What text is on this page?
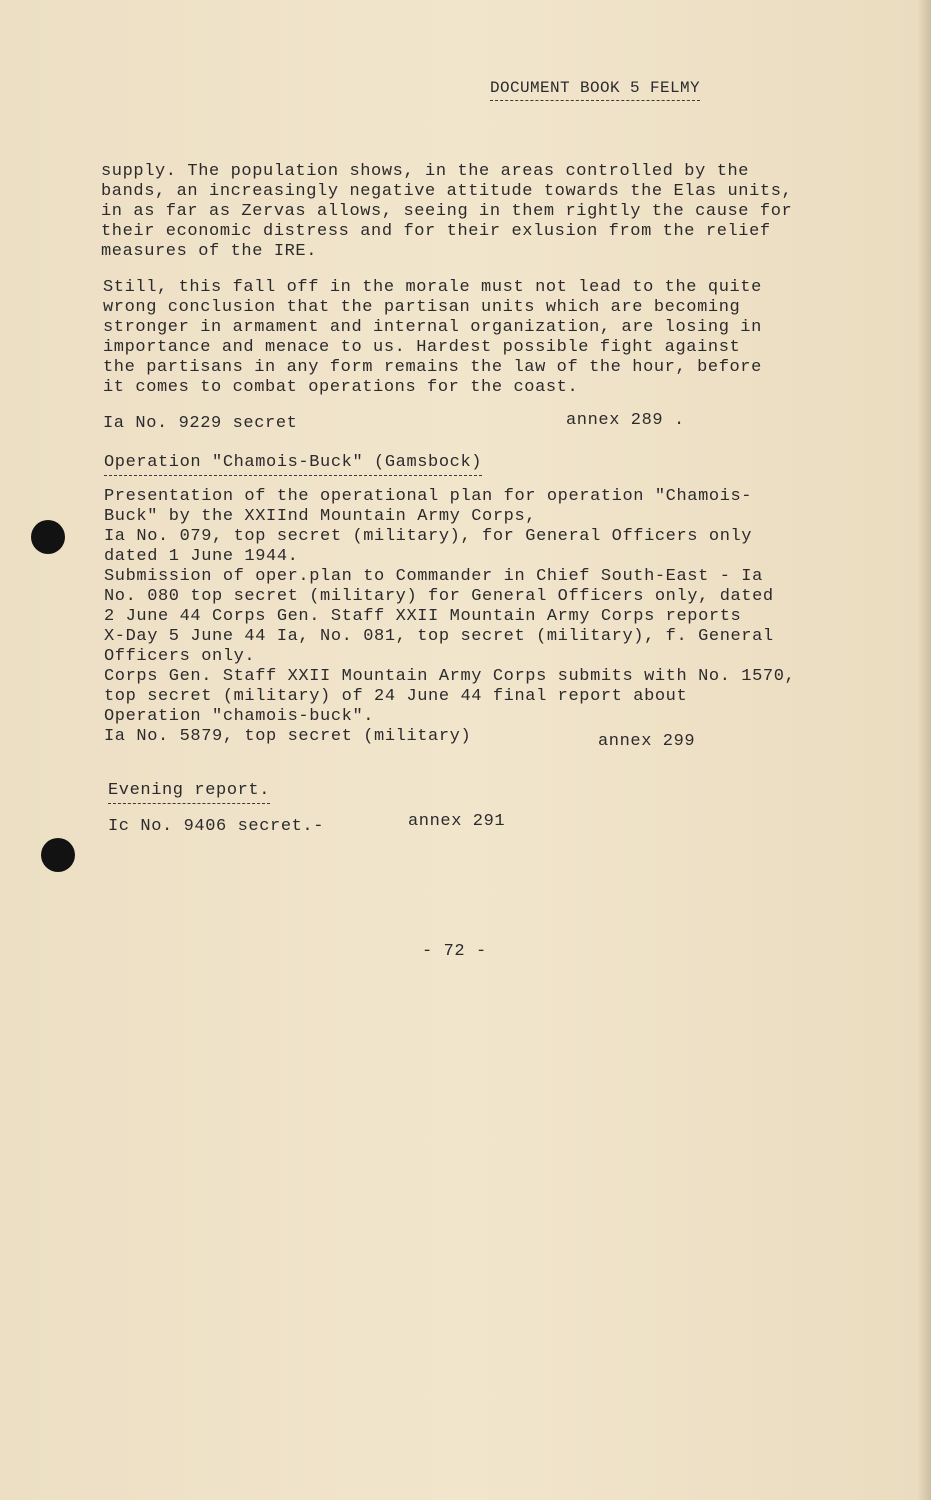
DOCUMENT BOOK 5 FELMY
supply. The population shows, in the areas controlled by the
bands, an increasingly negative attitude towards the Elas units,
in as far as Zervas allows, seeing in them rightly the cause for
their economic distress and for their exlusion from the relief
measures of the IRE.
Still, this fall off in the morale must not lead to the quite
wrong conclusion that the partisan units which are becoming
stronger in armament and internal organization, are losing in
importance and menace to us. Hardest possible fight against
the partisans in any form remains the law of the hour, before
it comes to combat operations for the coast.
Ia No. 9229 secret	annex 289 .
Operation "Chamois-Buck" (Gamsbock)
Presentation of the operational plan for operation "Chamois-
Buck" by the XXIInd Mountain Army Corps,
Ia No. 079, top secret (military), for General Officers only
dated 1 June 1944.
Submission of oper.plan to Commander in Chief South-East - Ia
No. 080 top secret (military) for General Officers only, dated
2 June 44 Corps Gen. Staff XXII Mountain Army Corps reports
X-Day 5 June 44 Ia, No. 081, top secret (military), f. General
Officers only.
Corps Gen. Staff XXII Mountain Army Corps submits with No. 1570,
top secret (military) of 24 June 44 final report about
Operation "chamois-buck".
Ia No. 5879, top secret (military)	annex 299
Evening report.
Ic No. 9406 secret.-	annex 291
- 72 -
